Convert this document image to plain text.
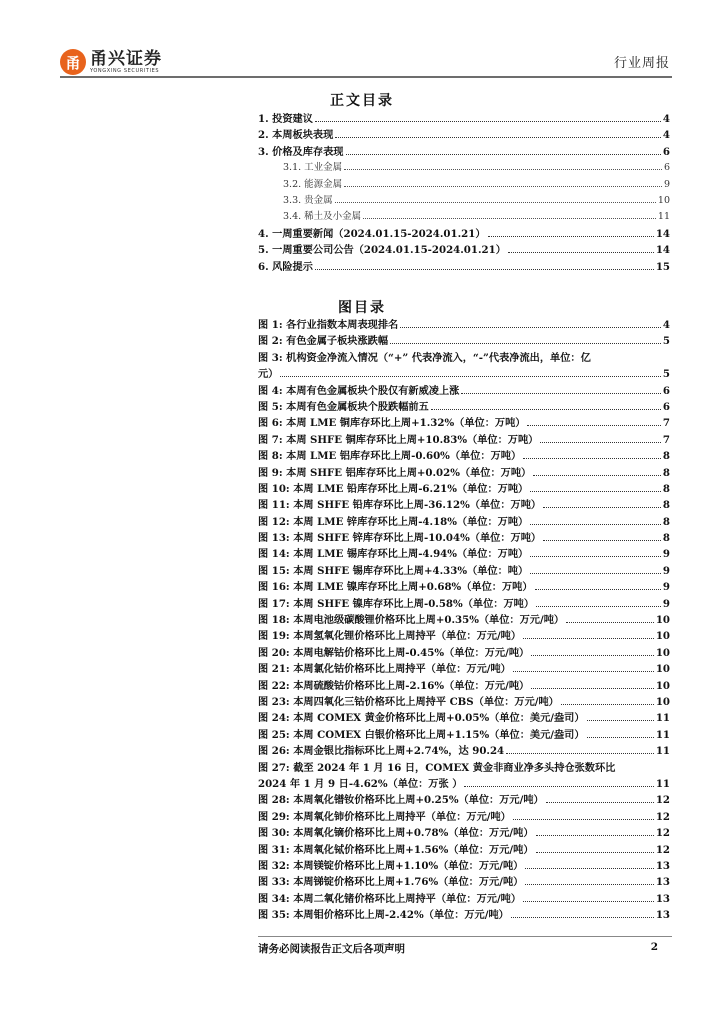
甬 甬兴证券
YONGXING SECURITIES	行业周报
正文目录
1. 投资建议	4
2. 本周板块表现	4
3. 价格及库存表现	6
3.1. 工业金属	6
3.2. 能源金属	9
3.3. 贵金属	10
3.4. 稀土及小金属	11
4. 一周重要新闻（2024.01.15-2024.01.21）	14
5. 一周重要公司公告（2024.01.15-2024.01.21）	14
6. 风险提示	15
图目录
图 1: 各行业指数本周表现排名	4
图 2: 有色金属子板块涨跌幅	5
图 3: 机构资金净流入情况（“+” 代表净流入，“-”代表净流出，单位：亿
元）	5
图 4: 本周有色金属板块个股仅有新威凌上涨	6
图 5: 本周有色金属板块个股跌幅前五	6
图 6: 本周 LME 铜库存环比上周+1.32%（单位：万吨）	7
图 7: 本周 SHFE 铜库存环比上周+10.83%（单位：万吨）	7
图 8: 本周 LME 铝库存环比上周-0.60%（单位：万吨）	8
图 9: 本周 SHFE 铝库存环比上周+0.02%（单位：万吨）	8
图 10: 本周 LME 铅库存环比上周-6.21%（单位：万吨）	8
图 11: 本周 SHFE 铅库存环比上周-36.12%（单位：万吨）	8
图 12: 本周 LME 锌库存环比上周-4.18%（单位：万吨）	8
图 13: 本周 SHFE 锌库存环比上周-10.04%（单位：万吨）	8
图 14: 本周 LME 锡库存环比上周-4.94%（单位：万吨）	9
图 15: 本周 SHFE 锡库存环比上周+4.33%（单位：吨）	9
图 16: 本周 LME 镍库存环比上周+0.68%（单位：万吨）	9
图 17: 本周 SHFE 镍库存环比上周-0.58%（单位：万吨）	9
图 18: 本周电池级碳酸锂价格环比上周+0.35%（单位：万元/吨）	10
图 19: 本周氢氧化锂价格环比上周持平（单位：万元/吨）	10
图 20: 本周电解钴价格环比上周-0.45%（单位：万元/吨）	10
图 21: 本周氯化钴价格环比上周持平（单位：万元/吨）	10
图 22: 本周硫酸钴价格环比上周-2.16%（单位：万元/吨）	10
图 23: 本周四氧化三钴价格环比上周持平 CBS（单位：万元/吨）	10
图 24: 本周 COMEX 黄金价格环比上周+0.05%（单位：美元/盎司）	11
图 25: 本周 COMEX 白银价格环比上周+1.15%（单位：美元/盎司）	11
图 26: 本周金银比指标环比上周+2.74%，达 90.24	11
图 27: 截至 2024 年 1 月 16 日，COMEX 黄金非商业净多头持仓张数环比
2024 年 1 月 9 日-4.62%（单位：万张 ）	11
图 28: 本周氧化镨钕价格环比上周+0.25%（单位：万元/吨）	12
图 29: 本周氧化铈价格环比上周持平（单位：万元/吨）	12
图 30: 本周氧化镝价格环比上周+0.78%（单位：万元/吨）	12
图 31: 本周氧化铽价格环比上周+1.56%（单位：万元/吨）	12
图 32: 本周镁锭价格环比上周+1.10%（单位：万元/吨）	13
图 33: 本周锑锭价格环比上周+1.76%（单位：万元/吨）	13
图 34: 本周二氧化锗价格环比上周持平（单位：万元/吨）	13
图 35: 本周钼价格环比上周-2.42%（单位：万元/吨）	13
请务必阅读报告正文后各项声明	2
